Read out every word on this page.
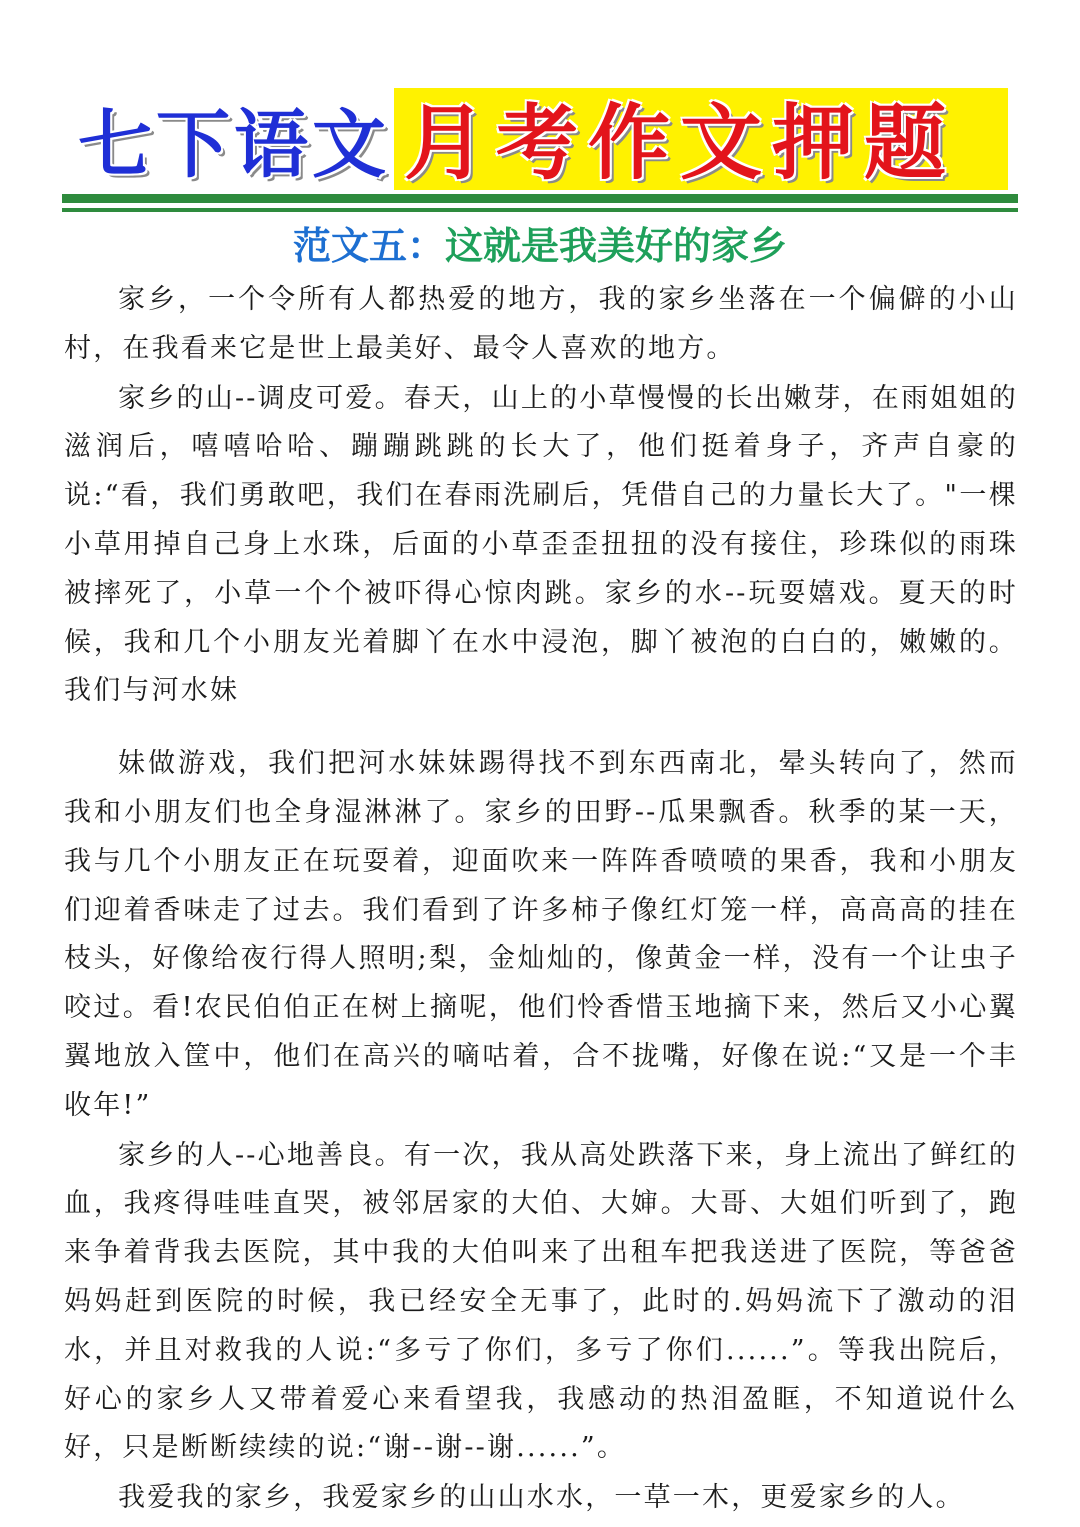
七下语文 月考作文押题
范文五：这就是我美好的家乡

家乡，一个令所有人都热爱的地方，我的家乡坐落在一个偏僻的小山村，在我看来它是世上最美好、最令人喜欢的地方。

家乡的山--调皮可爱。春天，山上的小草慢慢的长出嫩芽，在雨姐姐的滋润后，嘻嘻哈哈、蹦蹦跳跳的长大了，他们挺着身子，齐声自豪的说:“看，我们勇敢吧，我们在春雨洗刷后，凭借自己的力量长大了。"一棵小草用掉自己身上水珠，后面的小草歪歪扭扭的没有接住，珍珠似的雨珠被摔死了，小草一个个被吓得心惊肉跳。家乡的水--玩耍嬉戏。夏天的时候，我和几个小朋友光着脚丫在水中浸泡，脚丫被泡的白白的，嫩嫩的。我们与河水妹

妹做游戏，我们把河水妹妹踢得找不到东西南北，晕头转向了，然而我和小朋友们也全身湿淋淋了。家乡的田野--瓜果飘香。秋季的某一天，我与几个小朋友正在玩耍着，迎面吹来一阵阵香喷喷的果香，我和小朋友们迎着香味走了过去。我们看到了许多柿子像红灯笼一样，高高高的挂在枝头，好像给夜行得人照明;梨，金灿灿的，像黄金一样，没有一个让虫子咬过。看!农民伯伯正在树上摘呢，他们怜香惜玉地摘下来，然后又小心翼翼地放入筐中，他们在高兴的嘀咕着，合不拢嘴，好像在说:“又是一个丰收年!”

家乡的人--心地善良。有一次，我从高处跌落下来，身上流出了鲜红的血，我疼得哇哇直哭，被邻居家的大伯、大婶。大哥、大姐们听到了，跑来争着背我去医院，其中我的大伯叫来了出租车把我送进了医院，等爸爸妈妈赶到医院的时候，我已经安全无事了，此时的.妈妈流下了激动的泪水，并且对救我的人说:“多亏了你们，多亏了你们......”。等我出院后，好心的家乡人又带着爱心来看望我，我感动的热泪盈眶，不知道说什么好，只是断断续续的说:“谢--谢--谢......”。

我爱我的家乡，我爱家乡的山山水水，一草一木，更爱家乡的人。
